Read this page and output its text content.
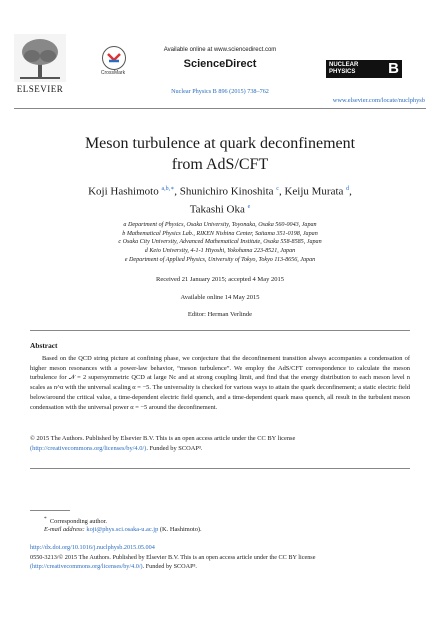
ELSEVIER
CrossMark
Available online at www.sciencedirect.com
ScienceDirect
Nuclear Physics B 896 (2015) 738–762
NUCLEAR
PHYSICS B
www.elsevier.com/locate/nuclphysb
Meson turbulence at quark deconfinement
from AdS/CFT
Koji Hashimoto $^{a,b,∗}$, Shunichiro Kinoshita $^c$, Keiju Murata $^d$,
Takashi Oka $^e$
a Department of Physics, Osaka University, Toyonaka, Osaka 560-0043, Japan
b Mathematical Physics Lab., RIKEN Nishina Center, Saitama 351-0198, Japan
c Osaka City University, Advanced Mathematical Institute, Osaka 558-8585, Japan
d Keio University, 4-1-1 Hiyoshi, Yokohama 223-8521, Japan
e Department of Applied Physics, University of Tokyo, Tokyo 113-8656, Japan
Received 21 January 2015; accepted 4 May 2015
Available online 14 May 2015
Editor: Herman Verlinde
Abstract
Based on the QCD string picture at confining phase, we conjecture that the deconfinement transition always accompanies a condensation of higher meson resonances with a power-law behavior, “meson turbulence”. We employ the AdS/CFT correspondence to calculate the meson turbulence for 𝒩 = 2 supersymmetric QCD at large Nc and at strong coupling limit, and find that the energy distribution to each meson level n scales as n^α with the universal scaling α = −5. The universality is checked for various ways to attain the quark deconfinement; a static electric field below/around the critical value, a time-dependent electric field quench, and a time-dependent quark mass quench, all result in the turbulent meson condensation with the universal power α = −5 around the deconfinement.
© 2015 The Authors. Published by Elsevier B.V. This is an open access article under the CC BY license (http://creativecommons.org/licenses/by/4.0/). Funded by SCOAP³.
* Corresponding author.
E-mail address: koji@phys.sci.osaka-u.ac.jp (K. Hashimoto).
http://dx.doi.org/10.1016/j.nuclphysb.2015.05.004
0550-3213/© 2015 The Authors. Published by Elsevier B.V. This is an open access article under the CC BY license (http://creativecommons.org/licenses/by/4.0/). Funded by SCOAP³.
